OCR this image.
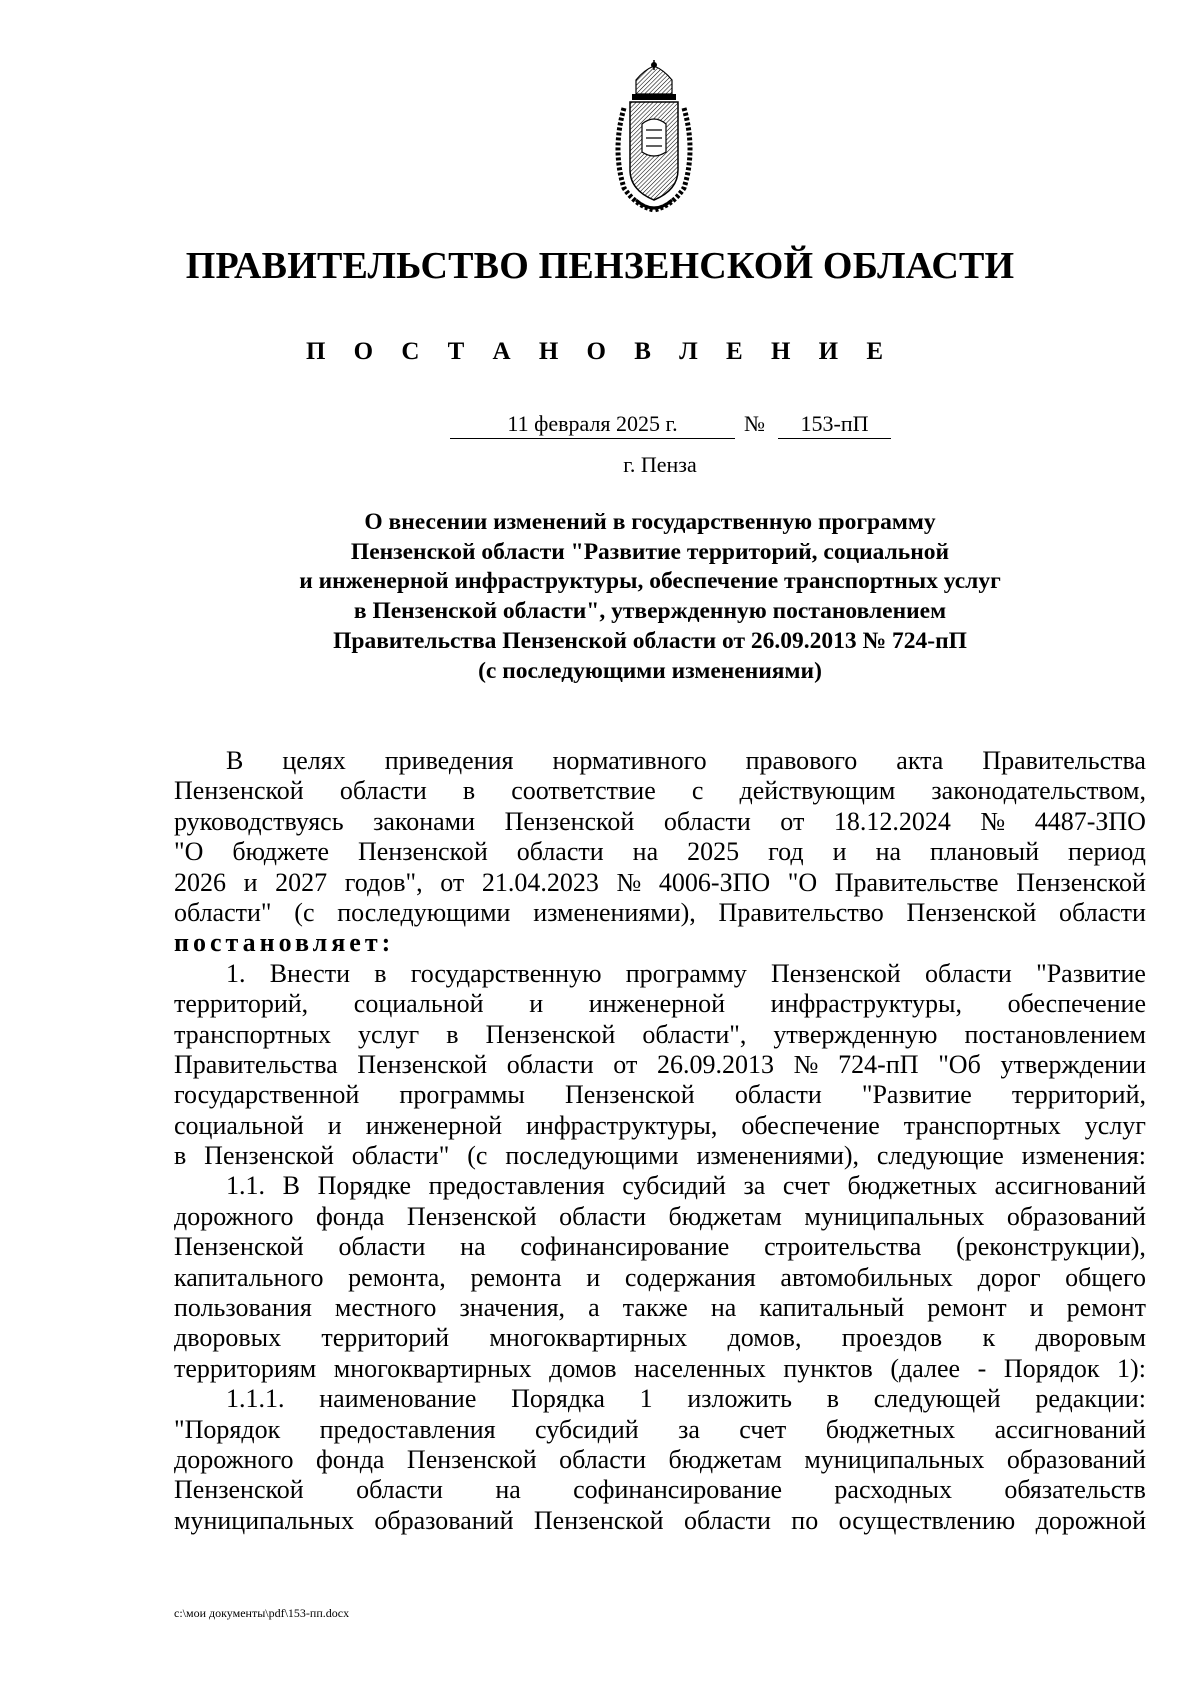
ПРАВИТЕЛЬСТВО ПЕНЗЕНСКОЙ ОБЛАСТИ
П О С Т А Н О В Л Е Н И Е
11 февраля 2025 г.	№	153-пП
г. Пенза
О внесении изменений в государственную программу
Пензенской области "Развитие территорий, социальной
и инженерной инфраструктуры, обеспечение транспортных услуг
в Пензенской области", утвержденную постановлением
Правительства Пензенской области от 26.09.2013 № 724-пП
(с последующими изменениями)
В целях приведения нормативного правового акта Правительства
Пензенской области в соответствие с действующим законодательством,
руководствуясь законами Пензенской области от 18.12.2024 № 4487-ЗПО
"О бюджете Пензенской области на 2025 год и на плановый период
2026 и 2027 годов", от 21.04.2023 № 4006-ЗПО "О Правительстве Пензенской
области" (с последующими изменениями), Правительство Пензенской области
постановляет:
1. Внести в государственную программу Пензенской области "Развитие
территорий, социальной и инженерной инфраструктуры, обеспечение
транспортных услуг в Пензенской области", утвержденную постановлением
Правительства Пензенской области от 26.09.2013 № 724-пП "Об утверждении
государственной программы Пензенской области "Развитие территорий,
социальной и инженерной инфраструктуры, обеспечение транспортных услуг
в Пензенской области" (с последующими изменениями), следующие изменения:
1.1. В Порядке предоставления субсидий за счет бюджетных ассигнований
дорожного фонда Пензенской области бюджетам муниципальных образований
Пензенской области на софинансирование строительства (реконструкции),
капитального ремонта, ремонта и содержания автомобильных дорог общего
пользования местного значения, а также на капитальный ремонт и ремонт
дворовых территорий многоквартирных домов, проездов к дворовым
территориям многоквартирных домов населенных пунктов (далее - Порядок 1):
1.1.1. наименование Порядка 1 изложить в следующей редакции:
"Порядок предоставления субсидий за счет бюджетных ассигнований
дорожного фонда Пензенской области бюджетам муниципальных образований
Пензенской области на софинансирование расходных обязательств
муниципальных образований Пензенской области по осуществлению дорожной
c:\мои документы\pdf\153-пп.docx
